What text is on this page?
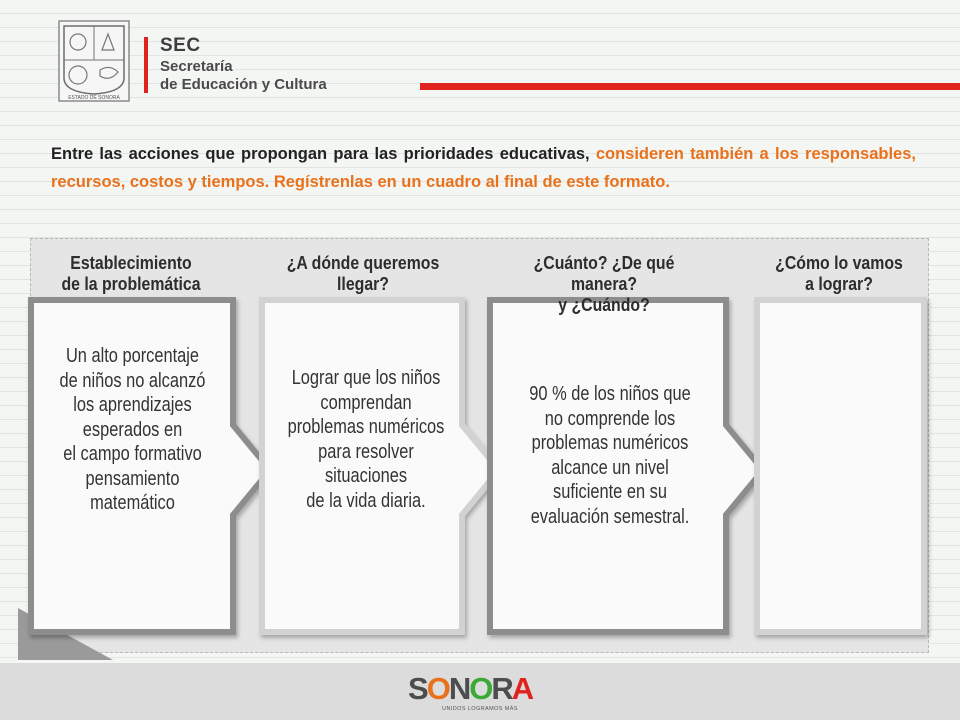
ESTADO DE SONORA
SEC
Secretaría
de Educación y Cultura
Entre las acciones que propongan para las prioridades educativas, consideren también a los responsables, recursos, costos y tiempos. Regístrenlas en un cuadro al final de este formato.
Establecimiento
de la problemática
¿A dónde queremos
llegar?
¿Cuánto? ¿De qué manera?
y ¿Cuándo?
¿Cómo lo vamos
a lograr?
Un alto porcentaje
de niños no alcanzó
los aprendizajes
esperados en
el campo formativo
pensamiento
matemático
Lograr que los niños
comprendan
problemas numéricos
para resolver
situaciones
de la vida diaria.
90 % de los niños que
no comprende los
problemas numéricos
alcance un nivel
suficiente en su
evaluación semestral.
SONORA
UNIDOS LOGRAMOS MÁS
